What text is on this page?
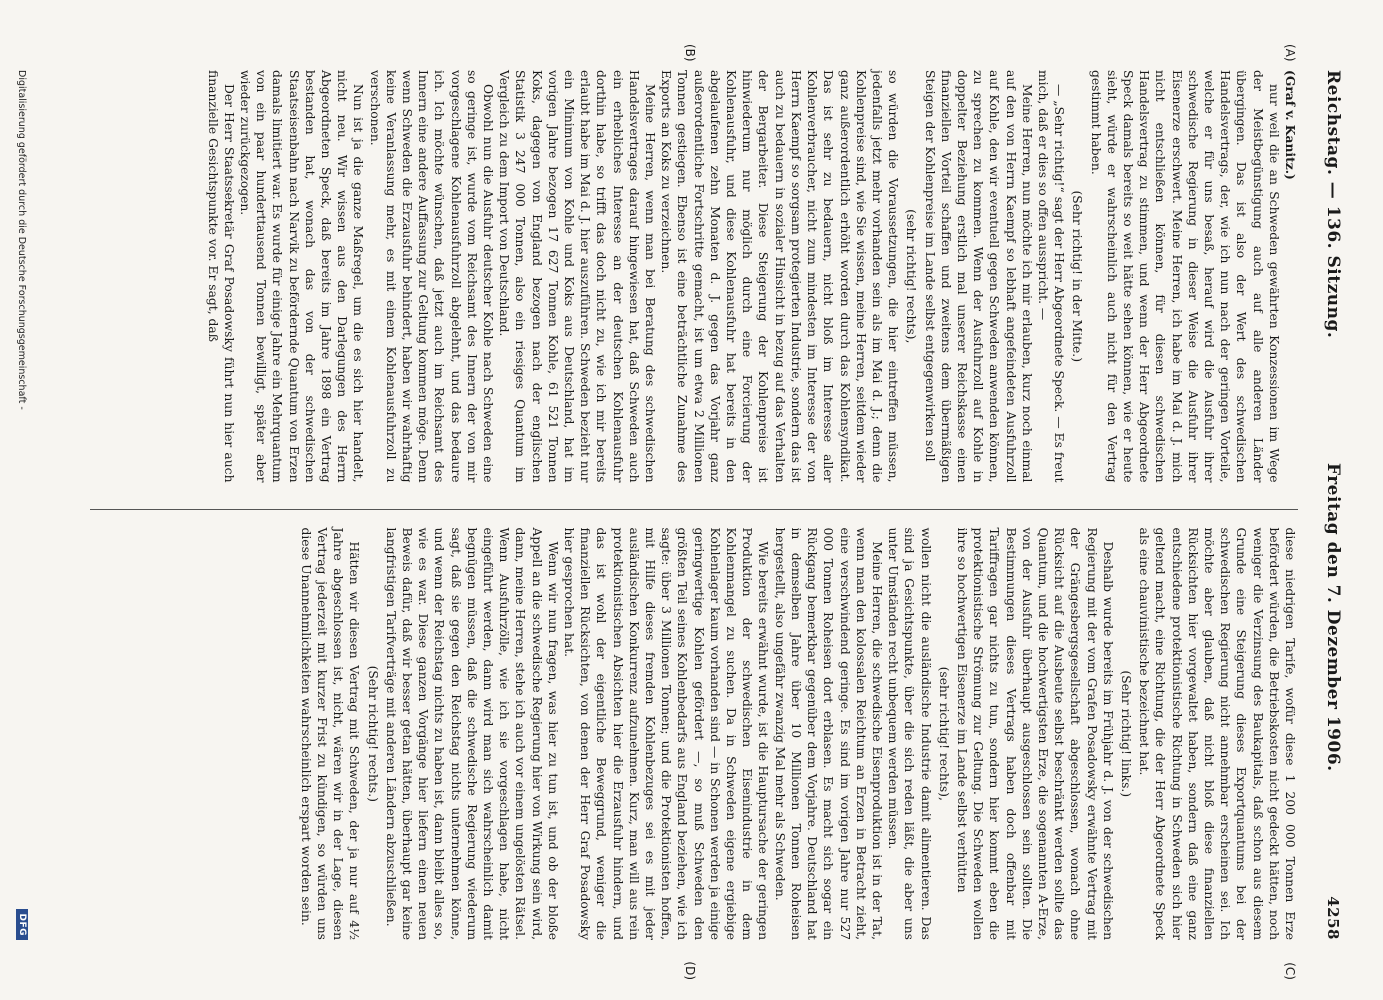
Reichstag. — 136. Sitzung.
Freitag den 7. Dezember 1906.
4258
(A)
(B)

(Graf v. Kanitz.)

nur weil die an Schweden gewährten Konzessionen im Wege der Meistbegünstigung auch auf alle anderen Länder übergingen. Das ist also der Wert des schwedischen Handelsvertrags, der, wie ich nun nach der geringen Vorteile, welche er für uns besaß, herauf wird die Ausfuhr ihrer schwedische Regierung in dieser Weise die Ausfuhr ihrer Eisenerze erschwert. Meine Herren, ich habe im Mai d. J. mich nicht entschließen können, für diesen schwedischen Handelsvertrag zu stimmen, und wenn der Herr Abgeordnete Speck damals bereits so weit hätte sehen können, wie er heute sieht, würde er wahrscheinlich auch nicht für den Vertrag gestimmt haben.

(Sehr richtig! in der Mitte.)

— „Sehr richtig!“ sagt der Herr Abgeordnete Speck. — Es freut mich, daß er dies so offen ausspricht. —

Meine Herren, nun möchte ich mir erlauben, kurz noch einmal auf den von Herrn Kaempf so lebhaft angefeindeten Ausfuhrzoll auf Kohle, den wir eventuell gegen Schweden anwenden können, zu sprechen zu kommen. Wenn der Ausfuhrzoll auf Kohle in doppelter Beziehung erstlich mal unserer Reichskasse einen finanziellen Vorteil schaffen und zweitens dem übermäßigen Steigen der Kohlenpreise im Lande selbst entgegenwirken soll

(sehr richtig! rechts),

so würden die Voraussetzungen, die hier eintreffen müssen, jedenfalls jetzt mehr vorhanden sein als im Mai d. J.; denn die Kohlenpreise sind, wie Sie wissen, meine Herren, seitdem wieder ganz außerordentlich erhöht worden durch das Kohlensyndikat. Das ist sehr zu bedauern, nicht bloß im Interesse aller Kohlenverbraucher, nicht zum mindesten im Interesse der von Herrn Kaempf so sorgsam protegierten Industrie, sondern das ist auch zu bedauern in sozialer Hinsicht in bezug auf das Verhalten der Bergarbeiter. Diese Steigerung der Kohlenpreise ist hinwiederum nur möglich durch eine Forcierung der Kohlenausfuhr, und diese Kohlenausfuhr hat bereits in den abgelaufenen zehn Monaten d. J. gegen das Vorjahr ganz außerordentliche Fortschritte gemacht, ist um etwa 2 Millionen Tonnen gestiegen. Ebenso ist eine beträchtliche Zunahme des Exports an Koks zu verzeichnen.

Meine Herren, wenn man bei Beratung des schwedischen Handelsvertrages darauf hingewiesen hat, daß Schweden auch ein erhebliches Interesse an der deutschen Kohlenausfuhr dorthin habe, so trifft das doch nicht zu, wie ich mir bereits erlaubt habe im Mai d. J. hier auszuführen. Schweden bezieht nur ein Minimum von Kohle und Koks aus Deutschland, hat im vorigen Jahre bezogen 17 627 Tonnen Kohle, 61 521 Tonnen Koks, dagegen von England bezogen nach der englischen Statistik 3 247 000 Tonnen, also ein riesiges Quantum im Vergleich zu dem Import von Deutschland.

Obwohl nun die Ausfuhr deutscher Kohle nach Schweden eine so geringe ist, wurde vom Reichsamt des Innern der von mir vorgeschlagene Kohlenausfuhrzoll abgelehnt, und das bedaure ich. Ich möchte wünschen, daß jetzt auch im Reichsamt des Innern eine andere Auffassung zur Geltung kommen möge. Denn wenn Schweden die Erzausfuhr behindert, haben wir wahrhaftig keine Veranlassung mehr, es mit einem Kohlenausfuhrzoll zu verschonen.

Nun ist ja die ganze Maßregel, um die es sich hier handelt, nicht neu. Wir wissen aus den Darlegungen des Herrn Abgeordneten Speck, daß bereits im Jahre 1898 ein Vertrag bestanden hat, wonach das von der schwedischen Staatseisenbahn nach Narvik zu befördernde Quantum von Erzen damals limitiert war. Es wurde für einige Jahre ein Mehrquantum von ein paar hunderttausend Tonnen bewilligt, später aber wieder zurückgezogen.

Der Herr Staatssekretär Graf Posadowsky führt nun hier auch finanzielle Gesichtspunkte vor. Er sagt, daß

(C)
(D)

diese niedrigen Tarife, wofür diese 1 200 000 Tonnen Erze befördert würden, die Betriebskosten nicht gedeckt hätten, noch weniger die Verzinsung des Baukapitals, daß schon aus diesem Grunde eine Steigerung dieses Exportquantums bei der schwedischen Regierung nicht annehmbar erscheinen sei. Ich möchte aber glauben, daß nicht bloß diese finanziellen Rücksichten hier vorgewaltet haben, sondern daß eine ganz entschiedene protektionistische Richtung in Schweden sich hier geltend macht, eine Richtung, die der Herr Abgeordnete Speck als eine chauvinistische bezeichnet hat.

(Sehr richtig! links.)

Deshalb wurde bereits im Frühjahr d. J. von der schwedischen Regierung mit der vom Grafen Posadowsky erwähnte Vertrag mit der Grängesbergsgesellschaft abgeschlossen, wonach ohne Rücksicht auf die Ausbeute selbst beschränkt werden sollte das Quantum, und die hochwertigsten Erze, die sogenannten A-Erze, von der Ausfuhr überhaupt ausgeschlossen sein sollten. Die Bestimmungen dieses Vertrags haben doch offenbar mit Tariffragen gar nichts zu tun, sondern hier kommt eben die protektionistische Strömung zur Geltung. Die Schweden wollen ihre so hochwertigen Eisenerze im Lande selbst verhütten

(sehr richtig! rechts),

wollen nicht die ausländische Industrie damit alimentieren. Das sind ja Gesichtspunkte, über die sich reden läßt, die aber uns unter Umständen recht unbequem werden müssen.

Meine Herren, die schwedische Eisenproduktion ist in der Tat, wenn man den kolossalen Reichtum an Erzen in Betracht zieht, eine verschwindend geringe. Es sind im vorigen Jahre nur 527 000 Tonnen Roheisen dort erblasen. Es macht sich sogar ein Rückgang bemerkbar gegenüber dem Vorjahre. Deutschland hat in demselben Jahre über 10 Millionen Tonnen Roheisen hergestellt, also ungefähr zwanzig Mal mehr als Schweden.

Wie bereits erwähnt wurde, ist die Hauptursache der geringen Produktion der schwedischen Eisenindustrie in dem Kohlenmangel zu suchen. Da in Schweden eigene ergiebige Kohlenlager kaum vorhanden sind — in Schonen werden ja einige geringwertige Kohlen gefördert —, so muß Schweden den größten Teil seines Kohlenbedarfs aus England beziehen, wie ich sagte: über 3 Millionen Tonnen; und die Protektionisten hoffen, mit Hilfe dieses fremden Kohlenbezuges sei es mit jeder ausländischen Konkurrenz aufzunehmen. Kurz, man will aus rein protektionistischen Absichten hier die Erzausfuhr hindern, und das ist wohl der eigentliche Beweggrund, weniger die finanziellen Rücksichten, von denen der Herr Graf Posadowsky hier gesprochen hat.

Wenn wir nun fragen, was hier zu tun ist, und ob der bloße Appell an die schwedische Regierung hier von Wirkung sein wird, dann, meine Herren, stehe ich auch vor einem ungelösten Rätsel. Wenn Ausfuhrzölle, wie ich sie vorgeschlagen habe, nicht eingeführt werden, dann wird man sich wahrscheinlich damit begnügen müssen, daß die schwedische Regierung wiederum sagt, daß sie gegen den Reichstag nichts unternehmen könne, und wenn der Reichstag nichts zu haben ist, dann bleibt alles so, wie es war. Diese ganzen Vorgänge hier liefern einen neuen Beweis dafür, daß wir besser getan hätten, überhaupt gar keine langfristigen Tarifverträge mit anderen Ländern abzuschließen.

(Sehr richtig! rechts.)

Hätten wir diesen Vertrag mit Schweden, der ja nur auf 4½ Jahre abgeschlossen ist, nicht, wären wir in der Lage, diesen Vertrag jederzeit mit kurzer Frist zu kündigen, so würden uns diese Unannehmlichkeiten wahrscheinlich erspart worden sein.

Digitalisierung gefördert durch die Deutsche Forschungsgemeinschaft -
DFG
